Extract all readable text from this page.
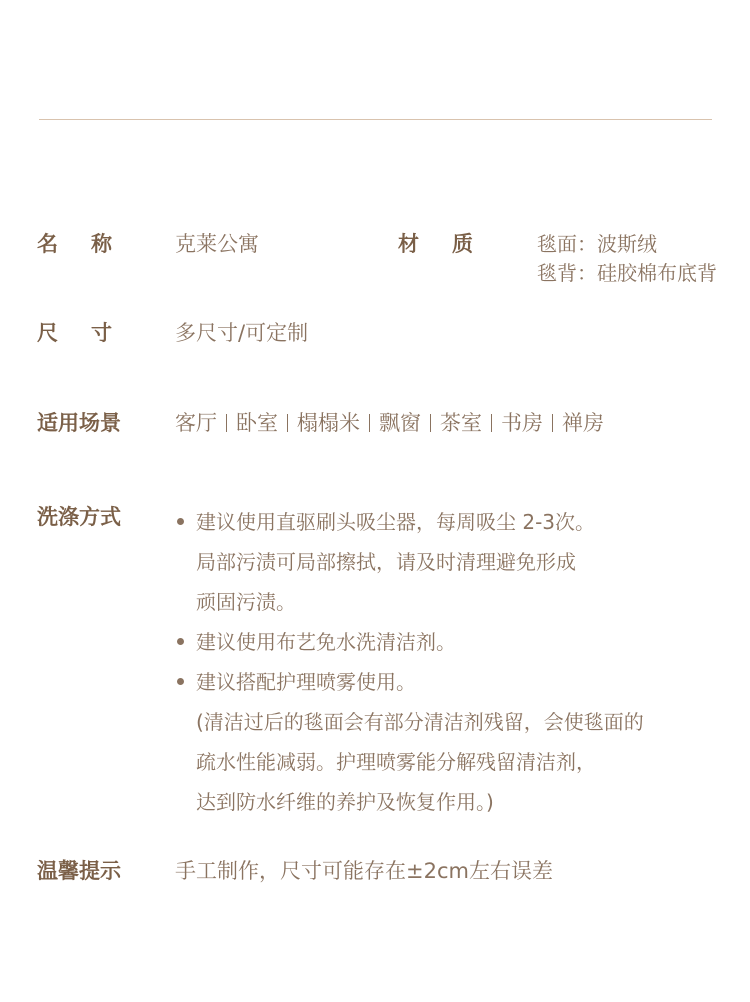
名 称	克莱公寓	材 质	毯面：波斯绒
毯背：硅胶棉布底背
尺 寸	多尺寸/可定制
适用场景	客厅 卧室 榻榻米 飘窗 茶室 书房 禅房
洗涤方式	建议使用直驱刷头吸尘器，每周吸尘 2-3次。
局部污渍可局部擦拭，请及时清理避免形成
顽固污渍。
建议使用布艺免水洗清洁剂。
建议搭配护理喷雾使用。
(清洁过后的毯面会有部分清洁剂残留，会使毯面的
疏水性能减弱。护理喷雾能分解残留清洁剂，
达到防水纤维的养护及恢复作用。)
温馨提示	手工制作，尺寸可能存在±2cm左右误差
